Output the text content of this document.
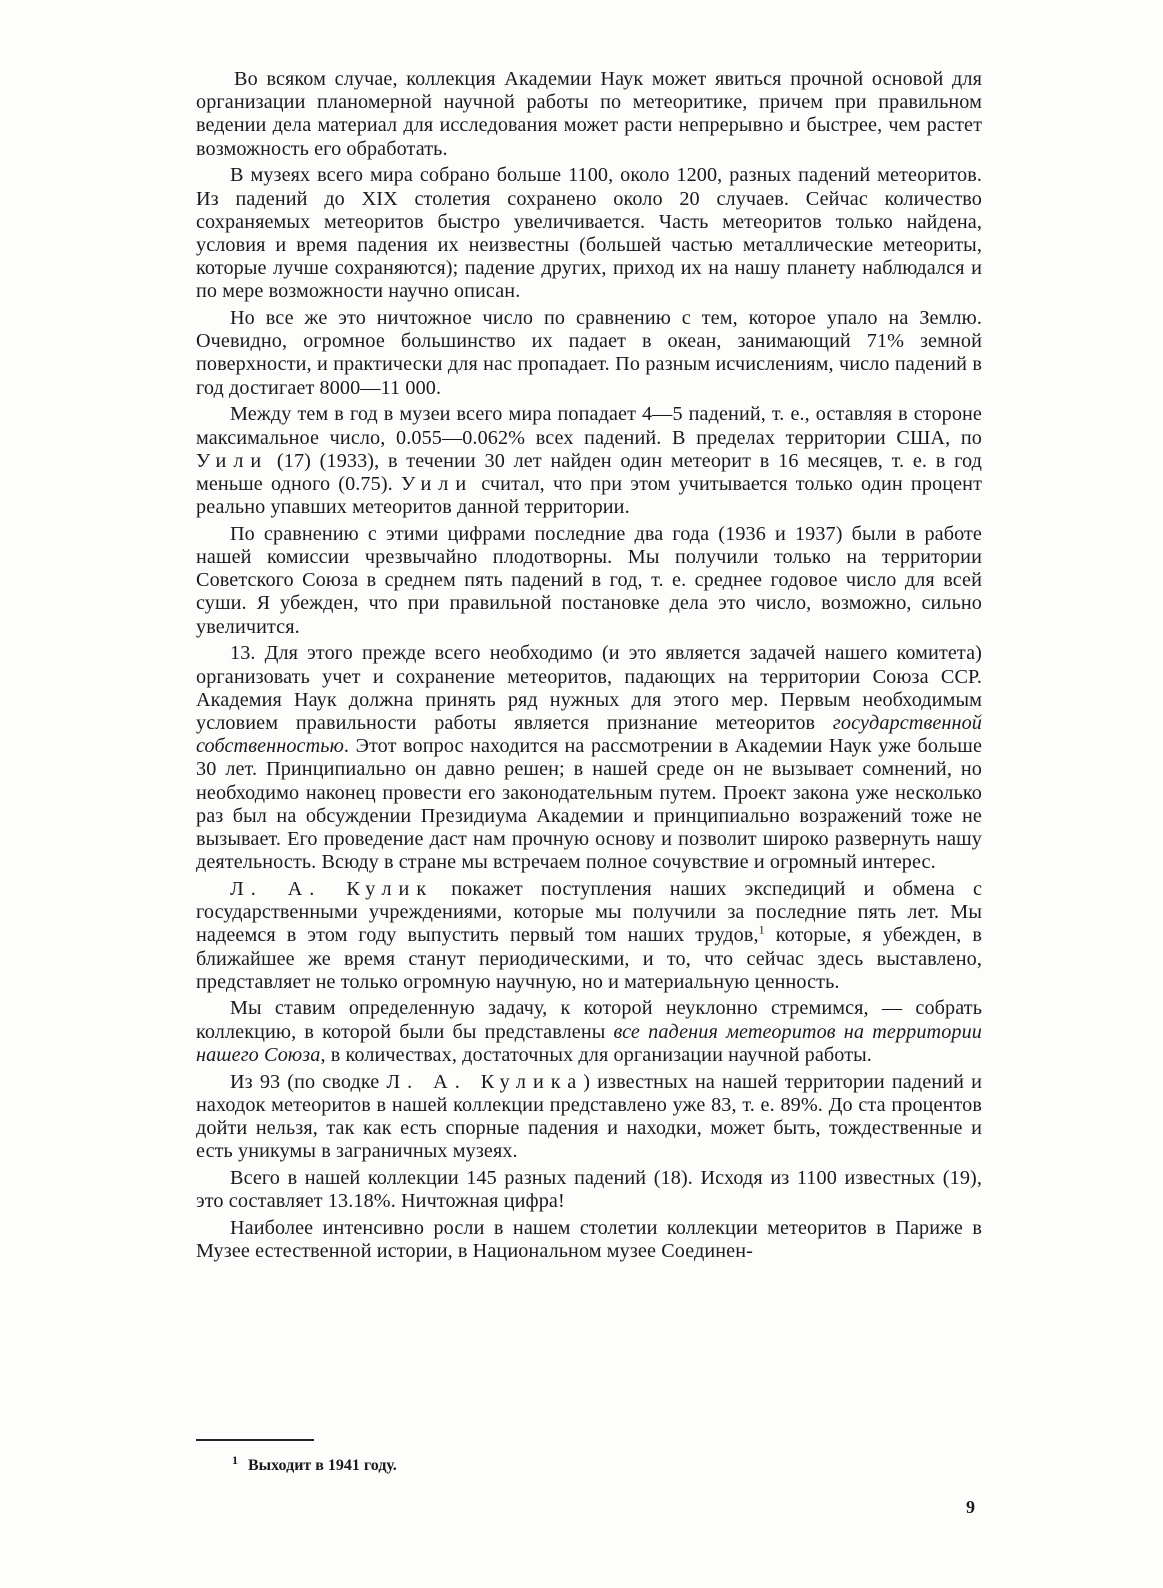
Во всяком случае, коллекция Академии Наук может явиться прочной основой для организации планомерной научной работы по метеоритике, причем при правильном ведении дела материал для исследования может расти непрерывно и быстрее, чем растет возможность его обработать.

В музеях всего мира собрано больше 1100, около 1200, разных падений метеоритов. Из падений до XIX столетия сохранено около 20 случаев. Сейчас количество сохраняемых метеоритов быстро увеличивается. Часть метеоритов только найдена, условия и время падения их неизвестны (большей частью металлические метеориты, которые лучше сохраняются); падение других, приход их на нашу планету наблюдался и по мере возможности научно описан.

Но все же это ничтожное число по сравнению с тем, которое упало на Землю. Очевидно, огромное большинство их падает в океан, занимающий 71% земной поверхности, и практически для нас пропадает. По разным исчислениям, число падений в год достигает 8000—11 000.

Между тем в год в музеи всего мира попадает 4—5 падений, т. е., оставляя в стороне максимальное число, 0.055—0.062% всех падений. В пределах территории США, по Уили (17) (1933), в течении 30 лет найден один метеорит в 16 месяцев, т. е. в год меньше одного (0.75). Уили считал, что при этом учитывается только один процент реально упавших метеоритов данной территории.

По сравнению с этими цифрами последние два года (1936 и 1937) были в работе нашей комиссии чрезвычайно плодотворны. Мы получили только на территории Советского Союза в среднем пять падений в год, т. е. среднее годовое число для всей суши. Я убежден, что при правильной постановке дела это число, возможно, сильно увеличится.

13. Для этого прежде всего необходимо (и это является задачей нашего комитета) организовать учет и сохранение метеоритов, падающих на территории Союза ССР. Академия Наук должна принять ряд нужных для этого мер. Первым необходимым условием правильности работы является признание метеоритов государственной собственностью. Этот вопрос находится на рассмотрении в Академии Наук уже больше 30 лет. Принципиально он давно решен; в нашей среде он не вызывает сомнений, но необходимо наконец провести его законодательным путем. Проект закона уже несколько раз был на обсуждении Президиума Академии и принципиально возражений тоже не вызывает. Его проведение даст нам прочную основу и позволит широко развернуть нашу деятельность. Всюду в стране мы встречаем полное сочувствие и огромный интерес.

Л. А. Кулик покажет поступления наших экспедиций и обмена с государственными учреждениями, которые мы получили за последние пять лет. Мы надеемся в этом году выпустить первый том наших трудов,$^1$ которые, я убежден, в ближайшее же время станут периодическими, и то, что сейчас здесь выставлено, представляет не только огромную научную, но и материальную ценность.

Мы ставим определенную задачу, к которой неуклонно стремимся, — собрать коллекцию, в которой были бы представлены все падения метеоритов на территории нашего Союза, в количествах, достаточных для организации научной работы.

Из 93 (по сводке Л. А. Кулика) известных на нашей территории падений и находок метеоритов в нашей коллекции представлено уже 83, т. е. 89%. До ста процентов дойти нельзя, так как есть спорные падения и находки, может быть, тождественные и есть уникумы в заграничных музеях.

Всего в нашей коллекции 145 разных падений (18). Исходя из 1100 известных (19), это составляет 13.18%. Ничтожная цифра!

Наиболее интенсивно росли в нашем столетии коллекции метеоритов в Париже в Музее естественной истории, в Национальном музее Соединен-

$^1$ Выходит в 1941 году.
9
